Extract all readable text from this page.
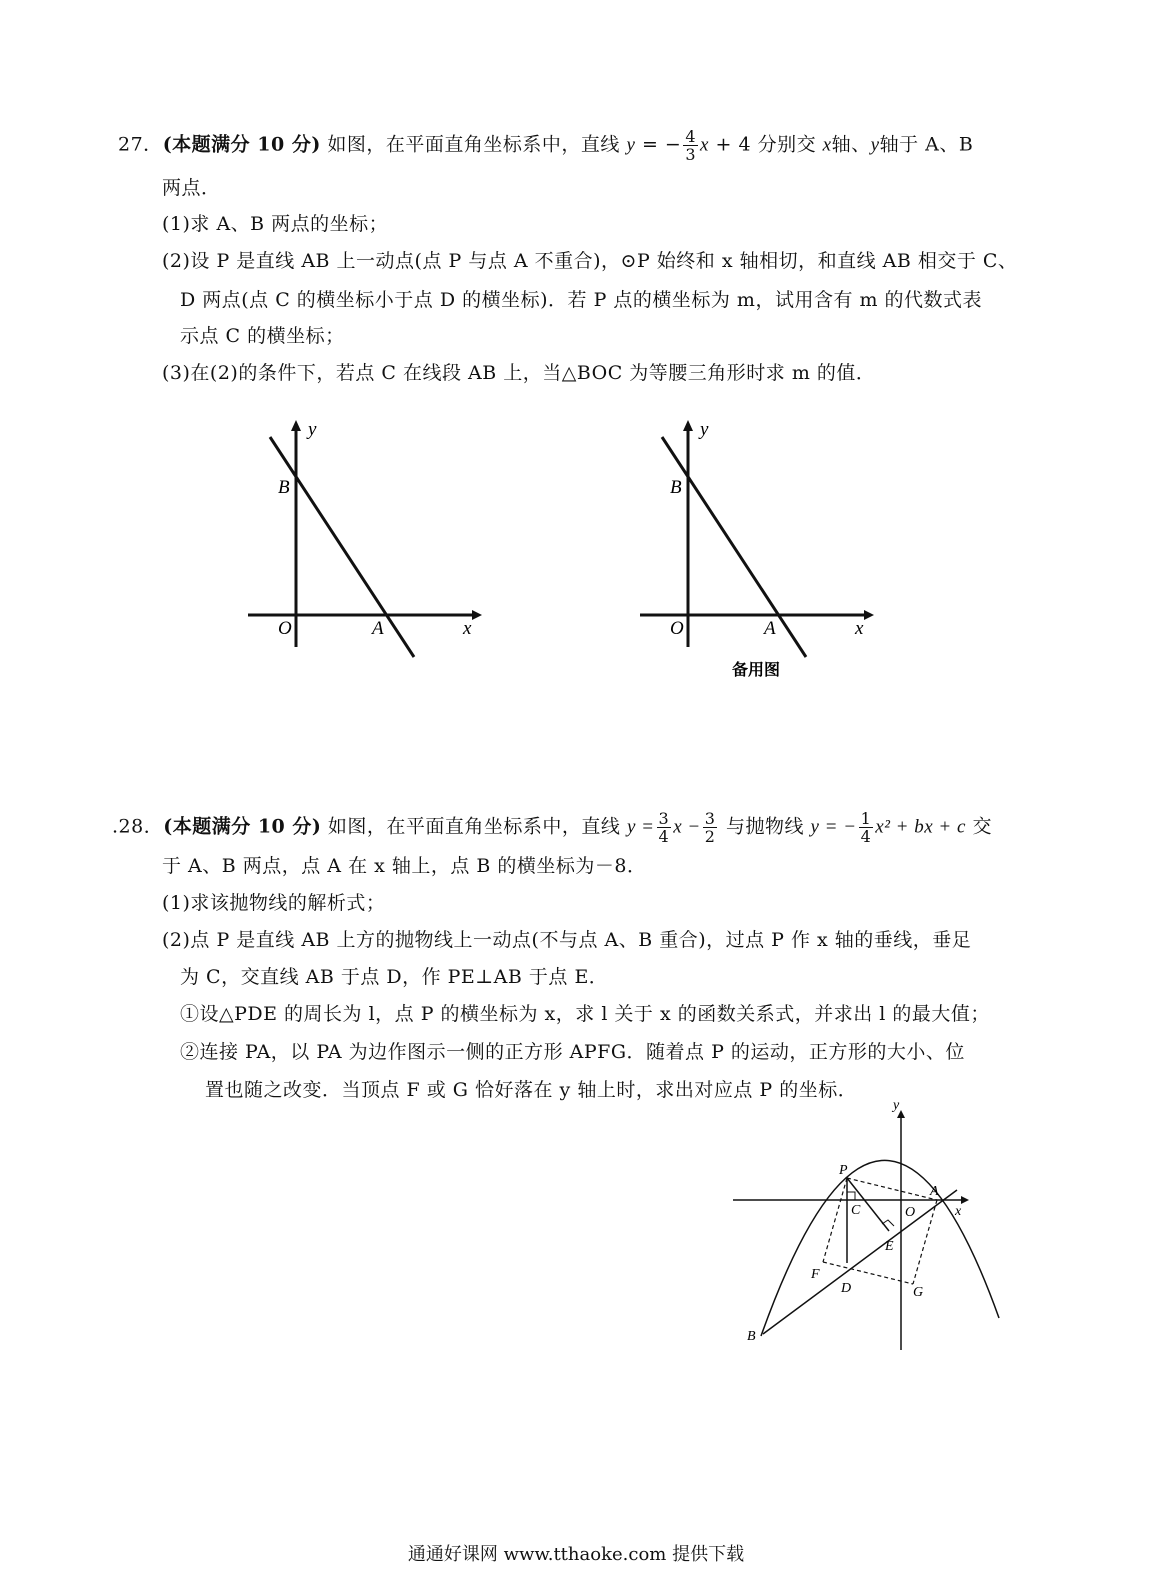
27．(本题满分 10 分) 如图，在平面直角坐标系中，直线 y = − $\frac{4}{3}$ x + 4 分别交 x轴、y轴于 A、B
两点．
(1)求 A、B 两点的坐标；
(2)设 P 是直线 AB 上一动点(点 P 与点 A 不重合)，⊙P 始终和 x 轴相切，和直线 AB 相交于 C、
D 两点(点 C 的横坐标小于点 D 的横坐标)．若 P 点的横坐标为 m，试用含有 m 的代数式表
示点 C 的横坐标；
(3)在(2)的条件下，若点 C 在线段 AB 上，当△BOC 为等腰三角形时求 m 的值．
y
x
B
O	A
y
x
B
O	A
备用图
.28．(本题满分 10 分) 如图，在平面直角坐标系中，直线 $y = \frac{3}{4}$ $x - \frac{3}{2}$ 与抛物线 y = − $\frac{1}{4} x^2$ + bx + c 交
于 A、B 两点，点 A 在 x 轴上，点 B 的横坐标为－8．
(1)求该抛物线的解析式；
(2)点 P 是直线 AB 上方的抛物线上一动点(不与点 A、B 重合)，过点 P 作 x 轴的垂线，垂足
为 C，交直线 AB 于点 D，作 PE⊥AB 于点 E．
①设△PDE 的周长为 l，点 P 的横坐标为 x，求 l 关于 x 的函数关系式，并求出 l 的最大值；
②连接 PA，以 PA 为边作图示一侧的正方形 APFG．随着点 P 的运动，正方形的大小、位
置也随之改变．当顶点 F 或 G 恰好落在 y 轴上时，求出对应点 P 的坐标．
y
x
P
A
C	O
E
F
D	G
B
通通好课网 www.tthaoke.com 提供下载
